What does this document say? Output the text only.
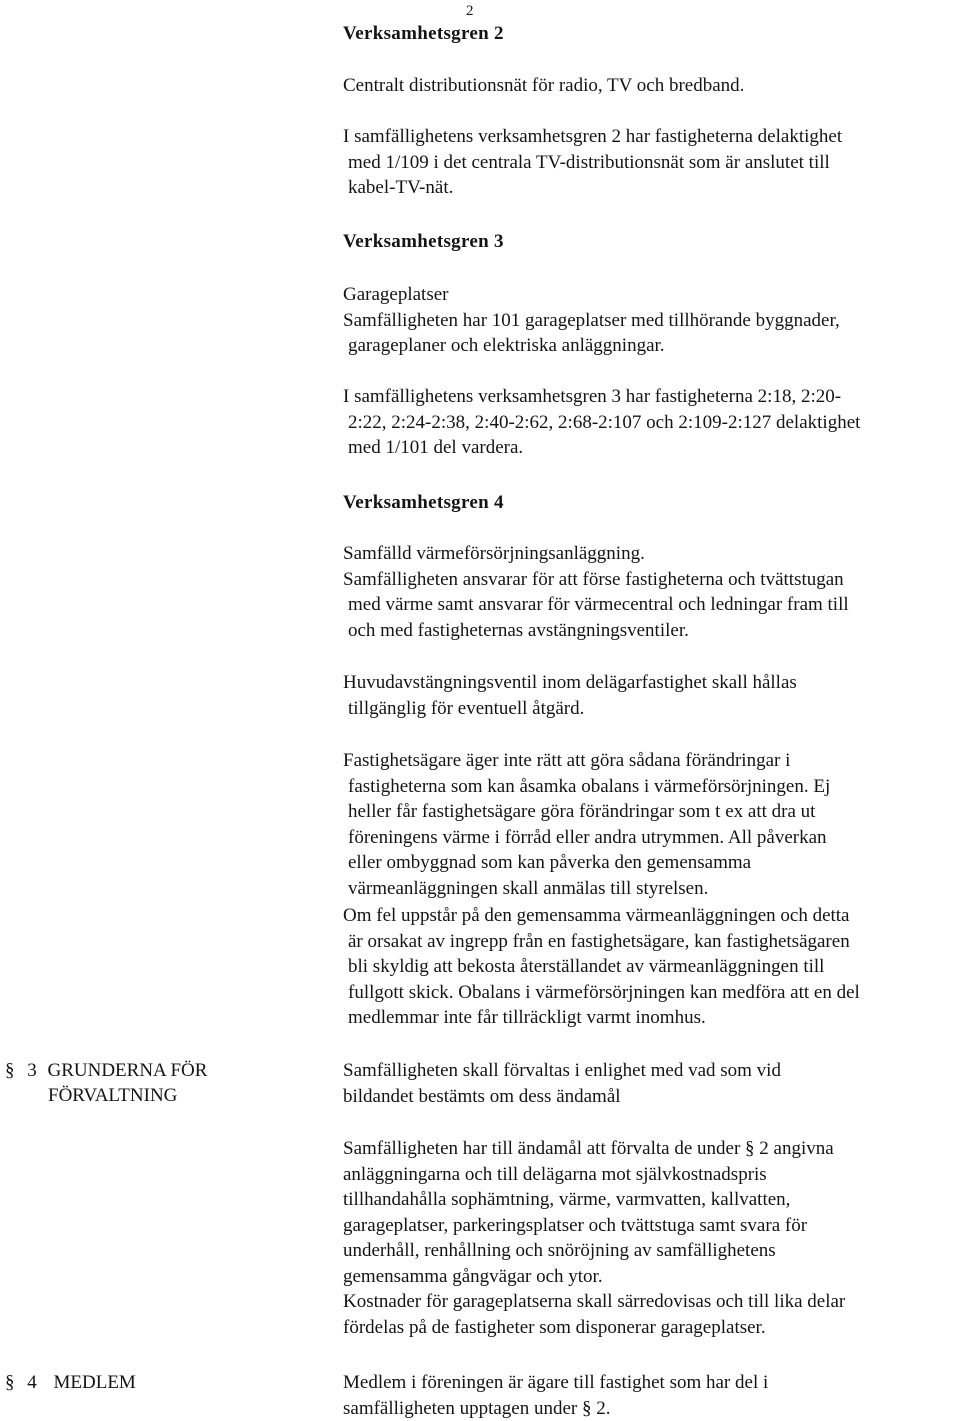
2
Verksamhetsgren 2
Centralt distributionsnät för radio, TV och bredband.
I samfällighetens verksamhetsgren 2 har fastigheterna delaktighet
med 1/109 i det centrala TV-distributionsnät som är anslutet till
kabel-TV-nät.
Verksamhetsgren 3
Garageplatser
Samfälligheten har 101 garageplatser med tillhörande byggnader,
garageplaner och elektriska anläggningar.
I samfällighetens verksamhetsgren 3 har fastigheterna 2:18, 2:20-
2:22, 2:24-2:38, 2:40-2:62, 2:68-2:107 och 2:109-2:127 delaktighet
med 1/101 del vardera.
Verksamhetsgren 4
Samfälld värmeförsörjningsanläggning.
Samfälligheten ansvarar för att förse fastigheterna och tvättstugan
med värme samt ansvarar för värmecentral och ledningar fram till
och med fastigheternas avstängningsventiler.
Huvudavstängningsventil inom delägarfastighet skall hållas
tillgänglig för eventuell åtgärd.
Fastighetsägare äger inte rätt att göra sådana förändringar i
fastigheterna som kan åsamka obalans i värmeförsörjningen. Ej
heller får fastighetsägare göra förändringar som t ex att dra ut
föreningens värme i förråd eller andra utrymmen. All påverkan
eller ombyggnad som kan påverka den gemensamma
värmeanläggningen skall anmälas till styrelsen.
Om fel uppstår på den gemensamma värmeanläggningen och detta
är orsakat av ingrepp från en fastighetsägare, kan fastighetsägaren
bli skyldig att bekosta återställandet av värmeanläggningen till
fullgott skick. Obalans i värmeförsörjningen kan medföra att en del
medlemmar inte får tillräckligt varmt inomhus.
§ 3 GRUNDERNA FÖR
FÖRVALTNING
Samfälligheten skall förvaltas i enlighet med vad som vid
bildandet bestämts om dess ändamål
Samfälligheten har till ändamål att förvalta de under § 2 angivna
anläggningarna och till delägarna mot självkostnadspris
tillhandahålla sophämtning, värme, varmvatten, kallvatten,
garageplatser, parkeringsplatser och tvättstuga samt svara för
underhåll, renhållning och snöröjning av samfällighetens
gemensamma gångvägar och ytor.
Kostnader för garageplatserna skall särredovisas och till lika delar
fördelas på de fastigheter som disponerar garageplatser.
§ 4 MEDLEM	Medlem i föreningen är ägare till fastighet som har del i
samfälligheten upptagen under § 2.
